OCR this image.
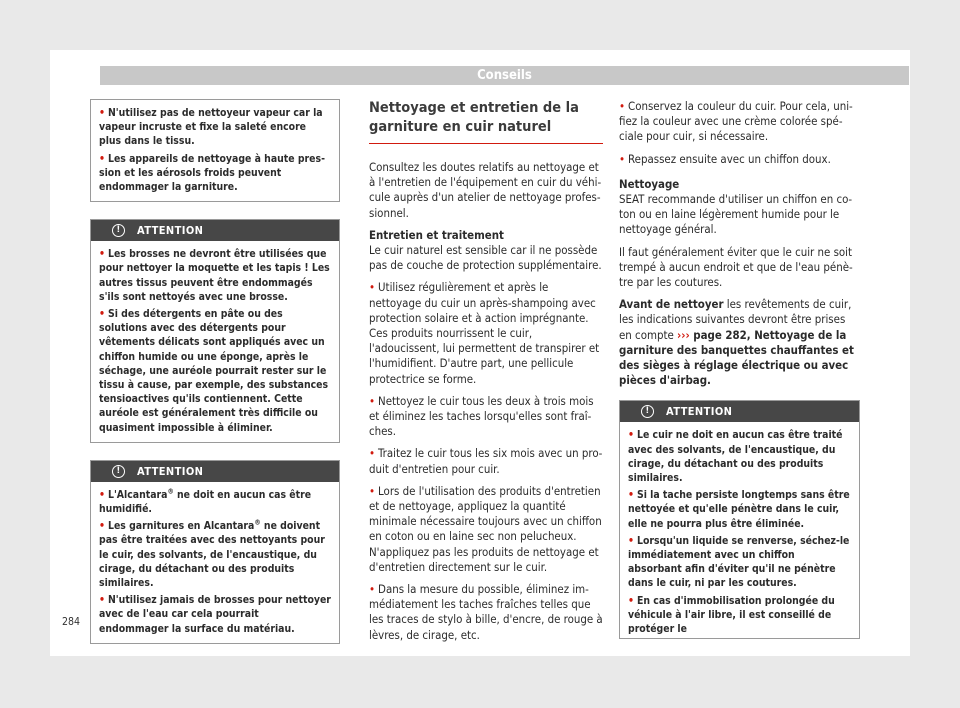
Conseils

• N'utilisez pas de nettoyeur vapeur car la vapeur incruste et fixe la saleté encore plus dans le tissu.

• Les appareils de nettoyage à haute pression et les aérosols froids peuvent endommager la garniture.

!	ATTENTION

• Les brosses ne devront être utilisées que pour nettoyer la moquette et les tapis ! Les autres tissus peuvent être endommagés s'ils sont nettoyés avec une brosse.

• Si des détergents en pâte ou des solutions avec des détergents pour vêtements délicats sont appliqués avec un chiffon humide ou une éponge, après le séchage, une auréole pourrait rester sur le tissu à cause, par exemple, des substances tensioactives qu'ils contiennent. Cette auréole est généralement très difficile ou quasiment impossible à éliminer.

!	ATTENTION

• L'Alcantara® ne doit en aucun cas être humidifié.

• Les garnitures en Alcantara® ne doivent pas être traitées avec des nettoyants pour le cuir, des solvants, de l'encaustique, du cirage, du détachant ou des produits similaires.

• N'utilisez jamais de brosses pour nettoyer avec de l'eau car cela pourrait endommager la surface du matériau.

Nettoyage et entretien de la garniture en cuir naturel

Consultez les doutes relatifs au nettoyage et à l'entretien de l'équipement en cuir du véhicule auprès d'un atelier de nettoyage professionnel.

Entretien et traitement

Le cuir naturel est sensible car il ne possède pas de couche de protection supplémentaire.

• Utilisez régulièrement et après le nettoyage du cuir un après-shampoing avec protection solaire et à action imprégnante. Ces produits nourrissent le cuir, l'adoucissent, lui permettent de transpirer et l'humidifient. D'autre part, une pellicule protectrice se forme.

• Nettoyez le cuir tous les deux à trois mois et éliminez les taches lorsqu'elles sont fraîches.

• Traitez le cuir tous les six mois avec un produit d'entretien pour cuir.

• Lors de l'utilisation des produits d'entretien et de nettoyage, appliquez la quantité minimale nécessaire toujours avec un chiffon en coton ou en laine sec non pelucheux. N'appliquez pas les produits de nettoyage et d'entretien directement sur le cuir.

• Dans la mesure du possible, éliminez immédiatement les taches fraîches telles que les traces de stylo à bille, d'encre, de rouge à lèvres, de cirage, etc.

• Conservez la couleur du cuir. Pour cela, unifiez la couleur avec une crème colorée spéciale pour cuir, si nécessaire.

• Repassez ensuite avec un chiffon doux.

Nettoyage

SEAT recommande d'utiliser un chiffon en coton ou en laine légèrement humide pour le nettoyage général.

Il faut généralement éviter que le cuir ne soit trempé à aucun endroit et que de l'eau pénètre par les coutures.

Avant de nettoyer les revêtements de cuir, les indications suivantes devront être prises en compte ››› page 282, Nettoyage de la garniture des banquettes chauffantes et des sièges à réglage électrique ou avec pièces d'airbag.

!	ATTENTION

• Le cuir ne doit en aucun cas être traité avec des solvants, de l'encaustique, du cirage, du détachant ou des produits similaires.

• Si la tache persiste longtemps sans être nettoyée et qu'elle pénètre dans le cuir, elle ne pourra plus être éliminée.

• Lorsqu'un liquide se renverse, séchez-le immédiatement avec un chiffon absorbant afin d'éviter qu'il ne pénètre dans le cuir, ni par les coutures.

• En cas d'immobilisation prolongée du véhicule à l'air libre, il est conseillé de protéger le

284
